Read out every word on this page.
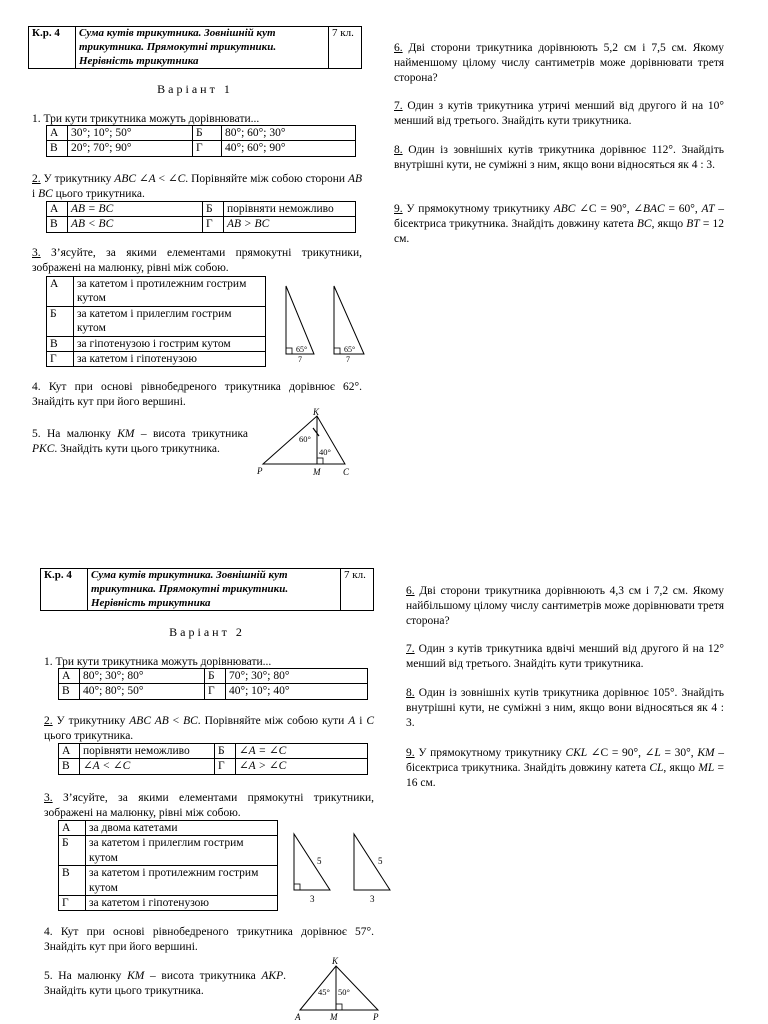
К.р. 4	Сума кутів трикутника. Зовнішній кут трикутника. Прямокутні трикутники. Нерівність трикутника	7 кл.
Варіант 1

1. Три кути трикутника можуть дорівнювати...

А	30°; 10°; 50°	Б	80°; 60°; 30°
В	20°; 70°; 90°	Г	40°; 60°; 90°

2. У трикутнику ABC ∠A < ∠C. Порівняйте між собою сторони AB і BC цього трикутника.

А	AB = BC	Б	порівняти неможливо
В	AB < BC	Г	AB > BC

3. З’ясуйте, за якими елементами прямокутні трикутники, зображені на малюнку, рівні між собою.

А	за катетом і протилежним гострим кутом
Б	за катетом і прилеглим гострим кутом
В	за гіпотенузою і гострим кутом
Г	за катетом і гіпотенузою
65°
7
65°
7

4. Кут при основі рівнобедреного трикутника дорівнює 62°. Знайдіть кут при його вершині.

5. На малюнку KM – висота трикутника PKC. Знайдіть кути цього трикутника.

K
P	M	C
60°
40°

6. Дві сторони трикутника дорівнюють 5,2 см і 7,5 см. Якому найменшому цілому числу сантиметрів може дорівнювати третя сторона?

7. Один з кутів трикутника утричі менший від другого й на 10° менший від третього. Знайдіть кути трикутника.

8. Один із зовнішніх кутів трикутника дорівнює 112°. Знайдіть внутрішні кути, не суміжні з ним, якщо вони відносяться як 4 : 3.

9. У прямокутному трикутнику ABC ∠C = 90°, ∠BAC = 60°, AT – бісектриса трикутника. Знайдіть довжину катета BC, якщо BT = 12 см.

К.р. 4	Сума кутів трикутника. Зовнішній кут трикутника. Прямокутні трикутники. Нерівність трикутника	7 кл.
Варіант 2

1. Три кути трикутника можуть дорівнювати...

А	80°; 30°; 80°	Б	70°; 30°; 80°
В	40°; 80°; 50°	Г	40°; 10°; 40°

2. У трикутнику ABC AB < BC. Порівняйте між собою кути A і C цього трикутника.

А	порівняти неможливо	Б	∠A = ∠C
В	∠A < ∠C	Г	∠A > ∠C

3. З’ясуйте, за якими елементами прямокутні трикутники, зображені на малюнку, рівні між собою.

А	за двома катетами
Б	за катетом і прилеглим гострим кутом
В	за катетом і протилежним гострим кутом
Г	за катетом і гіпотенузою
5
3
5
3

4. Кут при основі рівнобедреного трикутника дорівнює 57°. Знайдіть кут при його вершині.

5. На малюнку KM – висота трикутника AKP. Знайдіть кути цього трикутника.

K
A	M	P
45° 50°

6. Дві сторони трикутника дорівнюють 4,3 см і 7,2 см. Якому найбільшому цілому числу сантиметрів може дорівнювати третя сторона?

7. Один з кутів трикутника вдвічі менший від другого й на 12° менший від третього. Знайдіть кути трикутника.

8. Один із зовнішніх кутів трикутника дорівнює 105°. Знайдіть внутрішні кути, не суміжні з ним, якщо вони відносяться як 4 : 3.

9. У прямокутному трикутнику CKL ∠C = 90°, ∠L = 30°, KM – бісектриса трикутника. Знайдіть довжину катета CL, якщо ML = 16 см.
